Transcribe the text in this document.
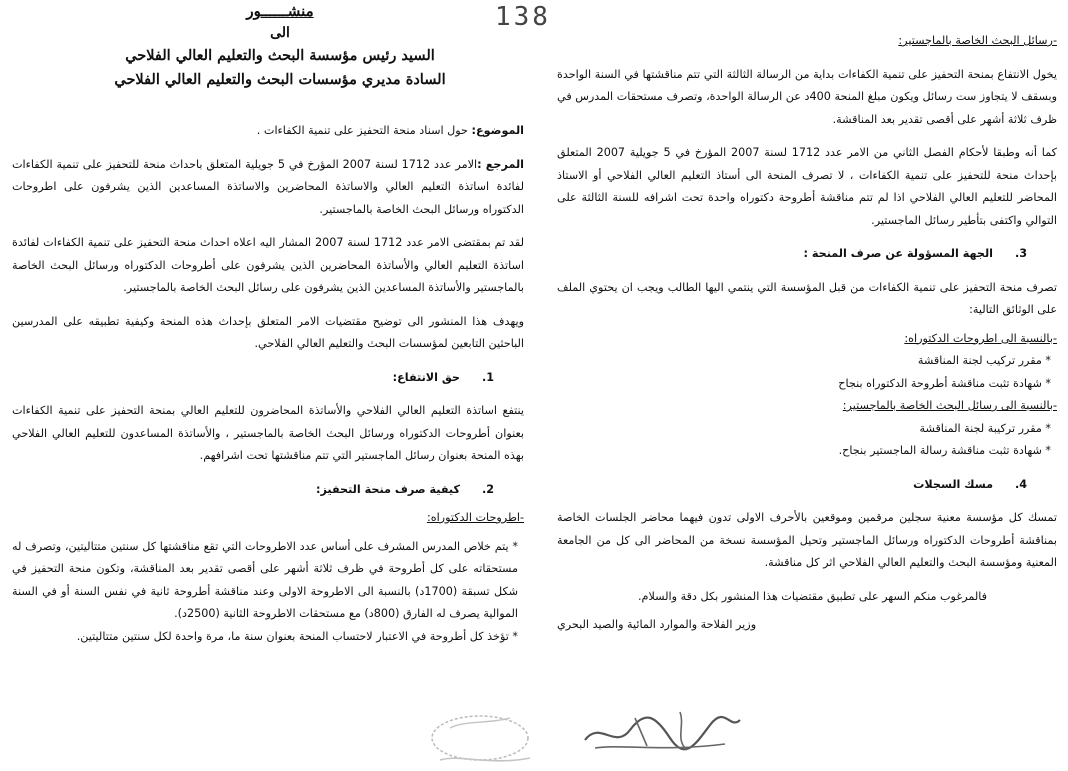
138
منشــــــور
الى
السيد رئيس مؤسسة البحث والتعليم العالي الفلاحي
السادة مديري مؤسسات البحث والتعليم العالي الفلاحي

الموضوع: حول اسناد منحة التحفيز على تنمية الكفاءات .

المرجع :الامر عدد 1712 لسنة 2007 المؤرخ في 5 جويلية المتعلق باحداث منحة للتحفيز على تنمية الكفاءات لفائدة اساتذة التعليم العالي والاساتذة المحاضرين والاساتذة المساعدين الذين يشرفون على اطروحات الدكتوراه ورسائل البحث الخاصة بالماجستير.

لقد تم بمقتضى الامر عدد 1712 لسنة 2007 المشار اليه اعلاه احداث منحة التحفيز على تنمية الكفاءات لفائدة اساتذة التعليم العالي والأساتذة المحاضرين الذين يشرفون على أطروحات الدكتوراه ورسائل البحث الخاصة بالماجستير والأساتذة المساعدين الذين يشرفون على رسائل البحث الخاصة بالماجستير.

ويهدف هذا المنشور الى توضيح مقتضيات الامر المتعلق بإحداث هذه المنحة وكيفية تطبيقه على المدرسين الباحثين التابعين لمؤسسات البحث والتعليم العالي الفلاحي.

1.حق الانتفاع:

ينتفع اساتذة التعليم العالي الفلاحي والأساتذة المحاضرون للتعليم العالي بمنحة التحفيز على تنمية الكفاءات بعنوان أطروحات الدكتوراه ورسائل البحث الخاصة بالماجستير ، والأساتذة المساعدون للتعليم العالي الفلاحي بهذه المنحة بعنوان رسائل الماجستير التي تتم مناقشتها تحت اشرافهم.

2.كيفية صرف منحة التحفيز:

-اطروحات الدكتوراه:

* يتم خلاص المدرس المشرف على أساس عدد الاطروحات التي تقع مناقشتها كل سنتين متتاليتين، وتصرف له مستحقاته على كل أطروحة في ظرف ثلاثة أشهر على أقصى تقدير بعد المناقشة، وتكون منحة التحفيز في شكل تسبقة (1700د) بالنسبة الى الاطروحة الاولى وعند مناقشة أطروحة ثانية في نفس السنة أو في السنة الموالية يصرف له الفارق (800د) مع مستحقات الاطروحة الثانية (2500د).

* تؤخذ كل أطروحة في الاعتبار لاحتساب المنحة بعنوان سنة ما، مرة واحدة لكل سنتين متتاليتين.

-رسائل البحث الخاصة بالماجستير:

يخول الانتفاع بمنحة التحفيز على تنمية الكفاءات بداية من الرسالة الثالثة التي تتم مناقشتها في السنة الواحدة وبسقف لا يتجاوز ست رسائل ويكون مبلغ المنحة 400د عن الرسالة الواحدة، وتصرف مستحقات المدرس في ظرف ثلاثة أشهر على أقصى تقدير بعد المناقشة.

كما أنه وطبقا لأحكام الفصل الثاني من الامر عدد 1712 لسنة 2007 المؤرخ في 5 جويلية 2007 المتعلق بإحداث منحة للتحفيز على تنمية الكفاءات ، لا تصرف المنحة الى أستاذ التعليم العالي الفلاحي أو الاستاذ المحاضر للتعليم العالي الفلاحي اذا لم تتم مناقشة أطروحة دكتوراه واحدة تحت اشرافه للسنة الثالثة على التوالي واكتفى بتأطير رسائل الماجستير.

3.الجهة المسؤولة عن صرف المنحة :

تصرف منحة التحفيز على تنمية الكفاءات من قبل المؤسسة التي ينتمي اليها الطالب ويجب ان يحتوي الملف على الوثائق التالية:

-بالنسبة الى اطروحات الدكتوراه:

* مقرر تركيب لجنة المناقشة

* شهادة تثبت مناقشة أطروحة الدكتوراه بنجاح

-بالنسبة الى رسائل البحث الخاصة بالماجستير:

* مقرر تركيبة لجنة المناقشة

* شهادة تثبت مناقشة رسالة الماجستير بنجاح.

4.مسك السجلات

تمسك كل مؤسسة معنية سجلين مرقمين وموقعين بالأحرف الاولى تدون فيهما محاضر الجلسات الخاصة بمناقشة أطروحات الدكتوراه ورسائل الماجستير وتحيل المؤسسة نسخة من المحاضر الى كل من الجامعة المعنية ومؤسسة البحث والتعليم العالي الفلاحي اثر كل مناقشة.

فالمرغوب منكم السهر على تطبيق مقتضيات هذا المنشور بكل دقة والسلام.

وزير الفلاحة والموارد المائية والصيد البحري
